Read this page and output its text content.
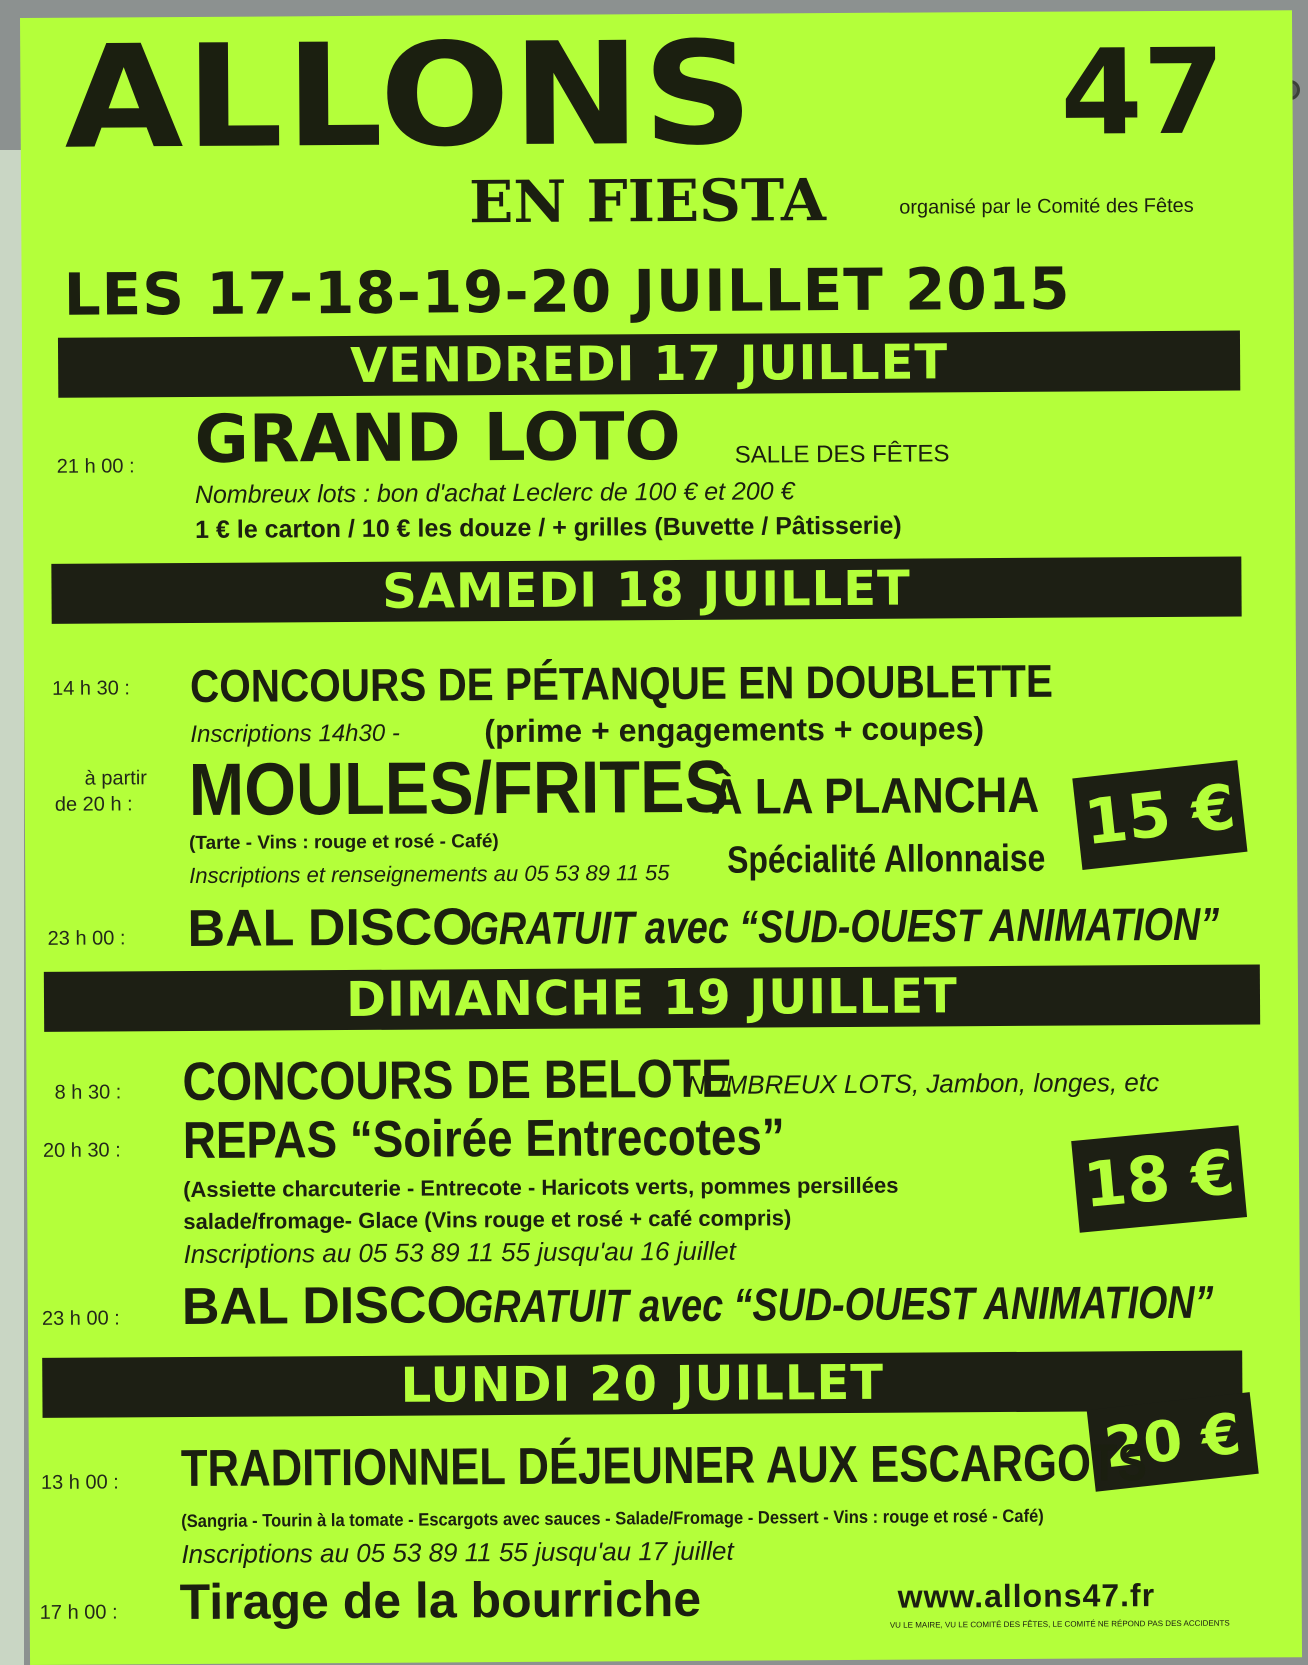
ALLONS	47
EN FIESTA	organisé par le Comité des Fêtes
LES 17-18-19-20 JUILLET 2015
VENDREDI 17 JUILLET
21 h 00 : GRAND LOTO SALLE DES FÊTES
Nombreux lots : bon d'achat Leclerc de 100 € et 200 €
1 € le carton / 10 € les douze / + grilles (Buvette / Pâtisserie)
SAMEDI 18 JUILLET
14 h 30 : CONCOURS DE PÉTANQUE EN DOUBLETTE
Inscriptions 14h30 -	(prime + engagements + coupes)
à partir
de 20 h : MOULES/FRITES
À LA PLANCHA
(Tarte - Vins : rouge et rosé - Café)
Inscriptions et renseignements au 05 53 89 11 55 Spécialité Allonnaise
15 €
23 h 00 : BAL DISCO
GRATUIT avec “SUD-OUEST ANIMATION”
DIMANCHE 19 JUILLET
8 h 30 : CONCOURS DE BELOTE
NOMBREUX LOTS, Jambon, longes, etc
20 h 30 : REPAS “Soirée Entrecotes”
(Assiette charcuterie - Entrecote - Haricots verts, pommes persillées
salade/fromage- Glace (Vins rouge et rosé + café compris)
Inscriptions au 05 53 89 11 55 jusqu'au 16 juillet
18 €
23 h 00 : BAL DISCO
GRATUIT avec “SUD-OUEST ANIMATION”
LUNDI 20 JUILLET
20 €
13 h 00 : TRADITIONNEL DÉJEUNER AUX ESCARGOTS
(Sangria - Tourin à la tomate - Escargots avec sauces - Salade/Fromage - Dessert - Vins : rouge et rosé - Café)
Inscriptions au 05 53 89 11 55 jusqu'au 17 juillet
17 h 00 : Tirage de la bourriche	www.allons47.fr
VU LE MAIRE, VU LE COMITÉ DES FÊTES, LE COMITÉ NE RÉPOND PAS DES ACCIDENTS
